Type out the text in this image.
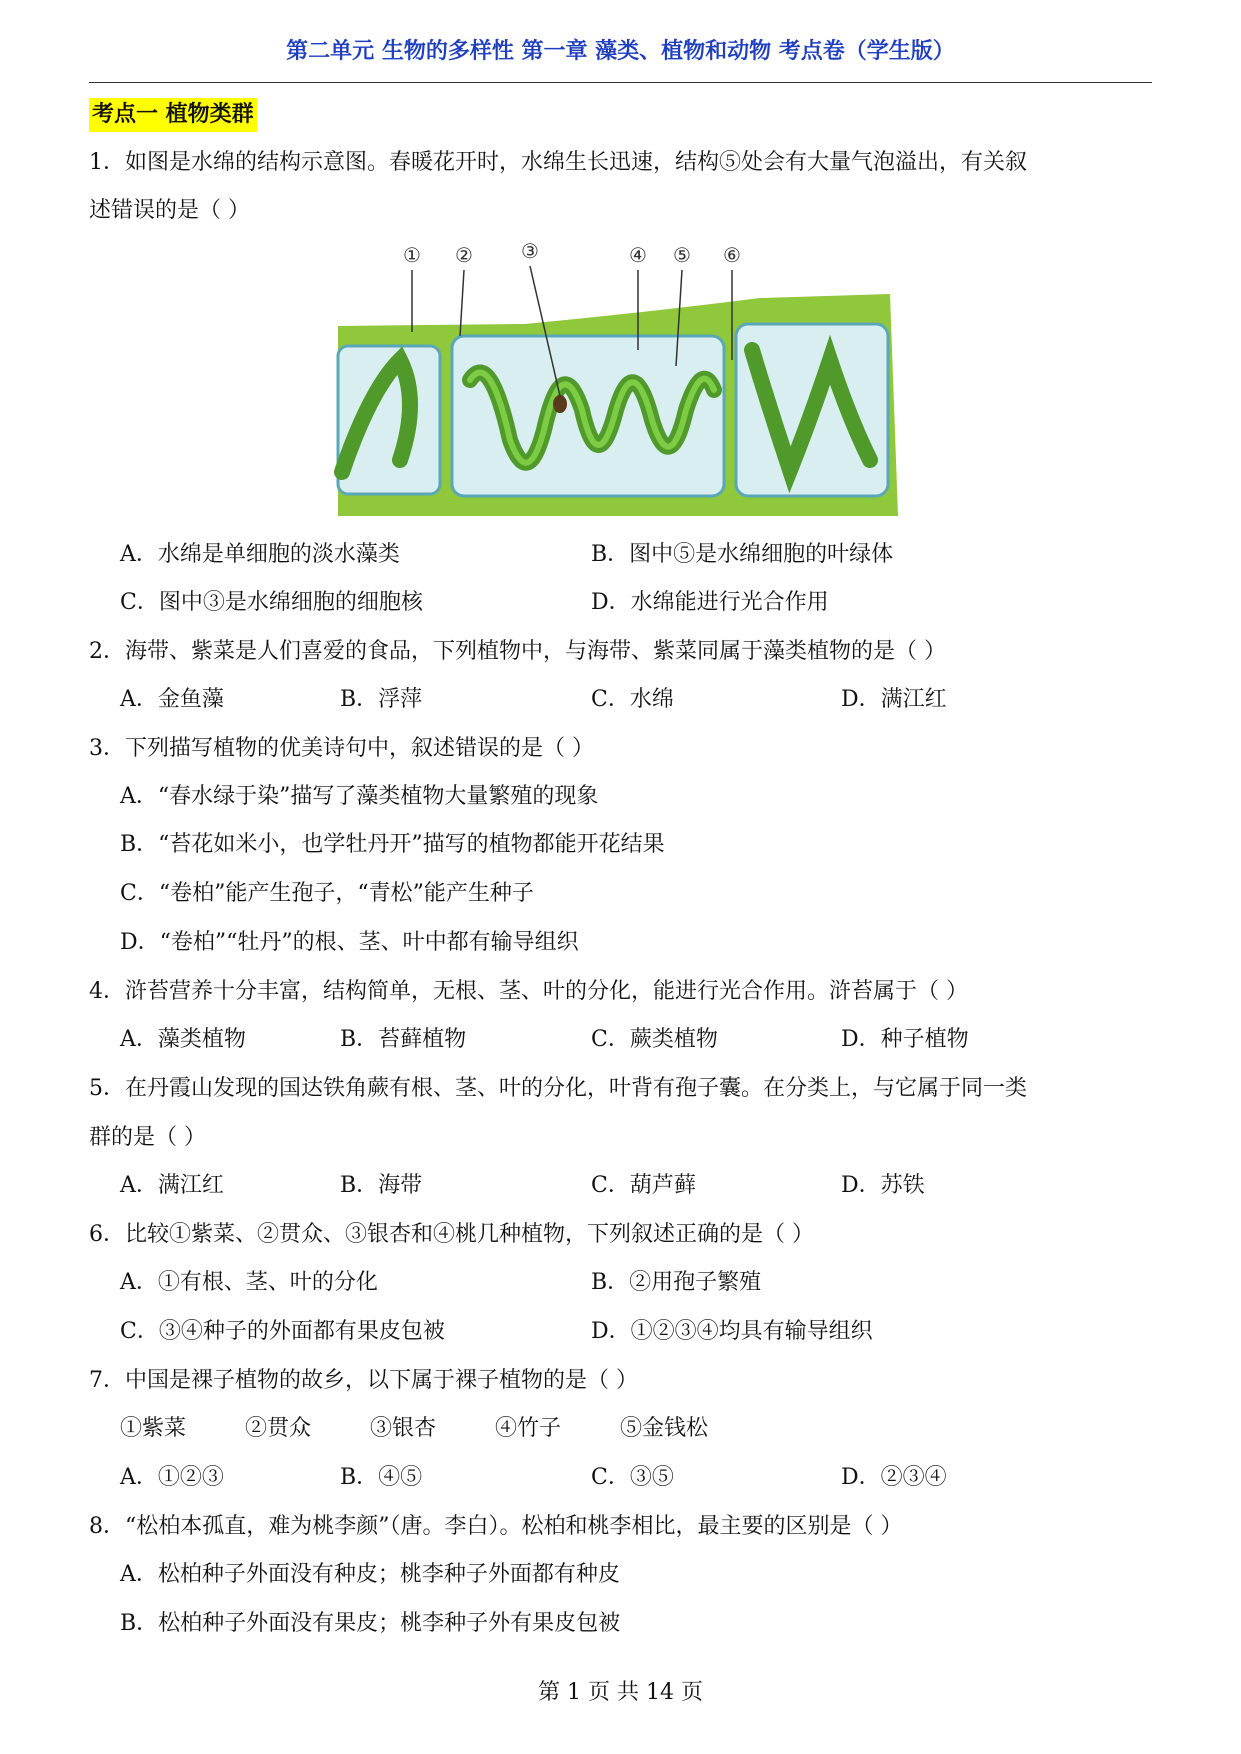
第二单元 生物的多样性 第一章 藻类、植物和动物 考点卷（学生版）
考点一 植物类群
1．如图是水绵的结构示意图。春暖花开时，水绵生长迅速，结构⑤处会有大量气泡溢出，有关叙
述错误的是（ ）
① ② ③	④ ⑤ ⑥
A．水绵是单细胞的淡水藻类	B．图中⑤是水绵细胞的叶绿体
C．图中③是水绵细胞的细胞核	D．水绵能进行光合作用
2．海带、紫菜是人们喜爱的食品，下列植物中，与海带、紫菜同属于藻类植物的是（ ）
A．金鱼藻	B．浮萍	C．水绵	D．满江红
3．下列描写植物的优美诗句中，叙述错误的是（ ）
A．“春水绿于染”描写了藻类植物大量繁殖的现象
B．“苔花如米小，也学牡丹开”描写的植物都能开花结果
C．“卷柏”能产生孢子，“青松”能产生种子
D．“卷柏”“牡丹”的根、茎、叶中都有输导组织
4．浒苔营养十分丰富，结构简单，无根、茎、叶的分化，能进行光合作用。浒苔属于（ ）
A．藻类植物	B．苔藓植物	C．蕨类植物	D．种子植物
5．在丹霞山发现的国达铁角蕨有根、茎、叶的分化，叶背有孢子囊。在分类上，与它属于同一类
群的是（ ）
A．满江红	B．海带	C．葫芦藓	D．苏铁
6．比较①紫菜、②贯众、③银杏和④桃几种植物，下列叙述正确的是（ ）
A．①有根、茎、叶的分化	B．②用孢子繁殖
C．③④种子的外面都有果皮包被	D．①②③④均具有输导组织
7．中国是裸子植物的故乡，以下属于裸子植物的是（ ）
①紫菜	②贯众	③银杏	④竹子	⑤金钱松
A．①②③	B．④⑤	C．③⑤	D．②③④
8．“松柏本孤直，难为桃李颜”（唐。李白）。松柏和桃李相比，最主要的区别是（ ）
A．松柏种子外面没有种皮；桃李种子外面都有种皮
B．松柏种子外面没有果皮；桃李种子外有果皮包被
第 1 页 共 14 页
